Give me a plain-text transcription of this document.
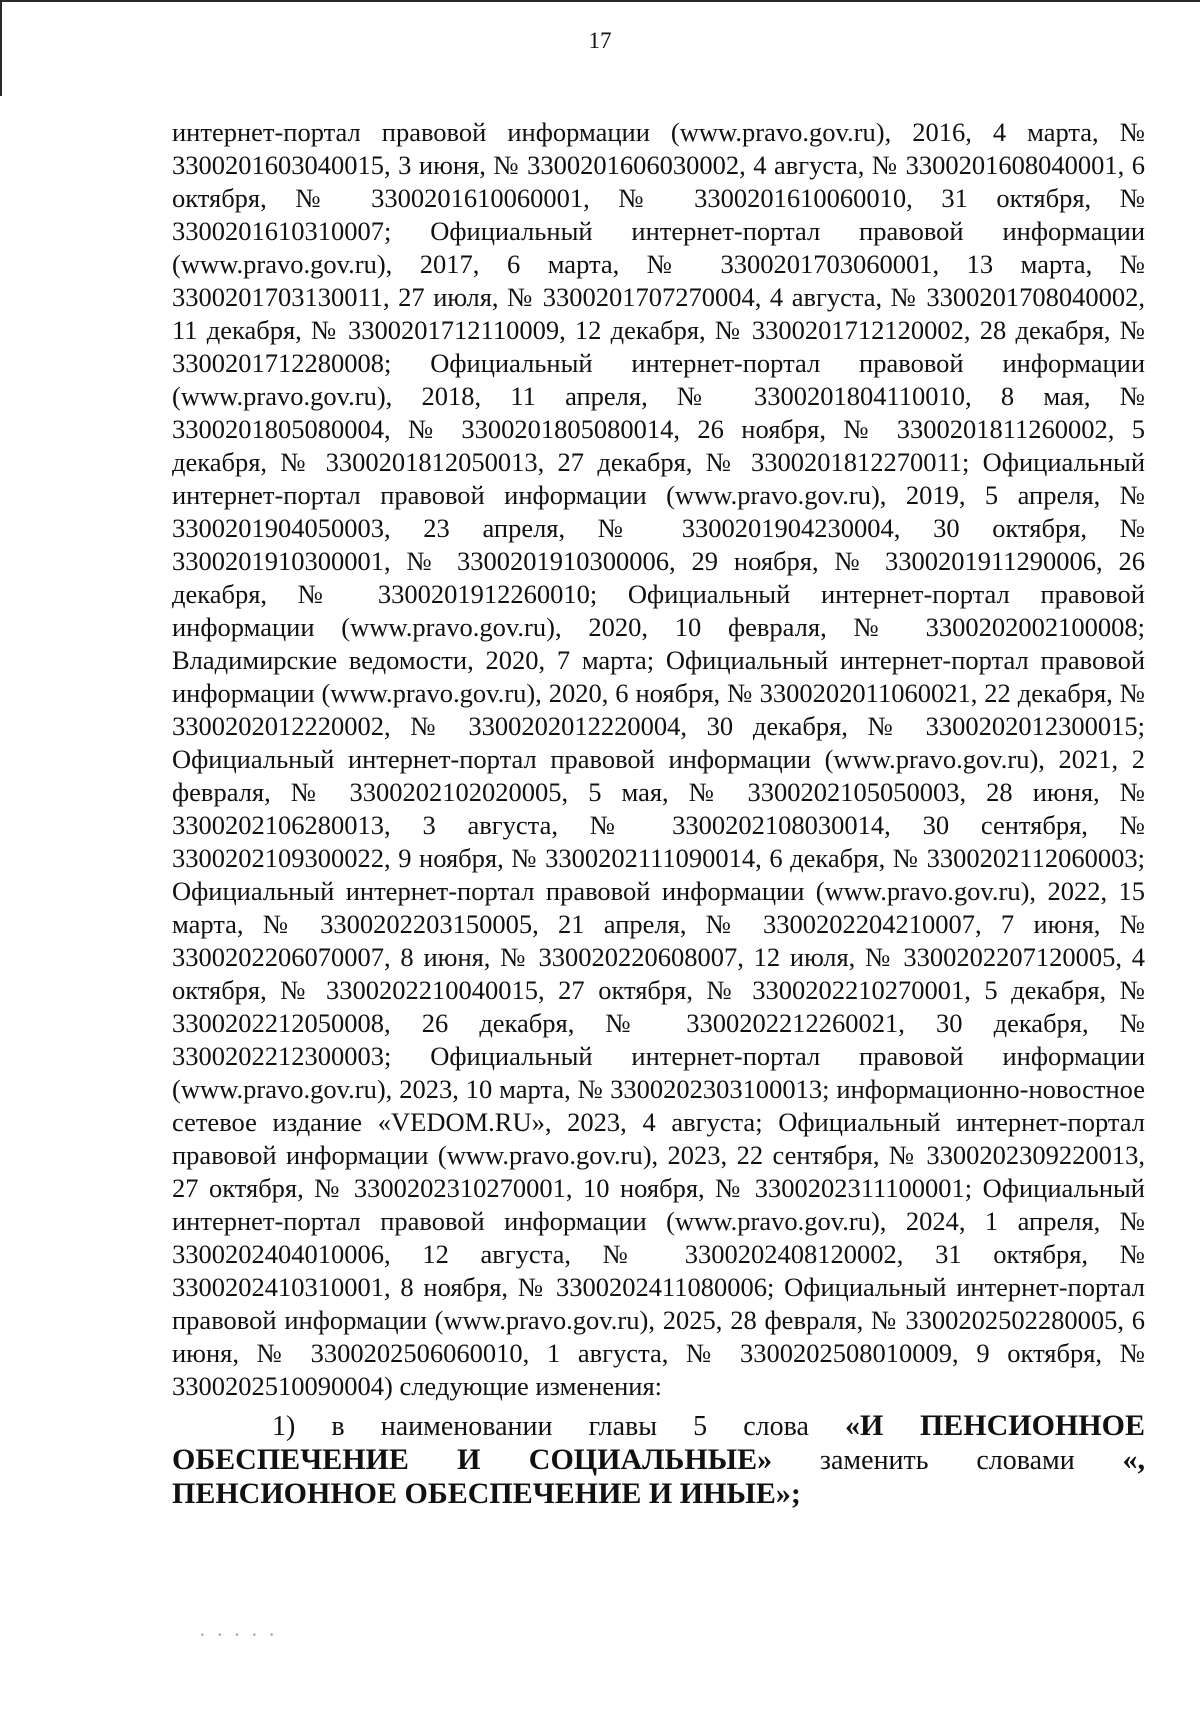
17

интернет-портал правовой информации (www.pravo.gov.ru), 2016, 4 марта, № 3300201603040015, 3 июня, № 3300201606030002, 4 августа, № 3300201608040001, 6 октября, № 3300201610060001, № 3300201610060010, 31 октября, № 3300201610310007; Официальный интернет-портал правовой информации (www.pravo.gov.ru), 2017, 6 марта, № 3300201703060001, 13 марта, № 3300201703130011, 27 июля, № 3300201707270004, 4 августа, № 3300201708040002, 11 декабря, № 3300201712110009, 12 декабря, № 3300201712120002, 28 декабря, № 3300201712280008; Официальный интернет-портал правовой информации (www.pravo.gov.ru), 2018, 11 апреля, № 3300201804110010, 8 мая, № 3300201805080004, № 3300201805080014, 26 ноября, № 3300201811260002, 5 декабря, № 3300201812050013, 27 декабря, № 3300201812270011; Официальный интернет-портал правовой информации (www.pravo.gov.ru), 2019, 5 апреля, № 3300201904050003, 23 апреля, № 3300201904230004, 30 октября, № 3300201910300001, № 3300201910300006, 29 ноября, № 3300201911290006, 26 декабря, № 3300201912260010; Официальный интернет-портал правовой информации (www.pravo.gov.ru), 2020, 10 февраля, № 3300202002100008; Владимирские ведомости, 2020, 7 марта; Официальный интернет-портал правовой информации (www.pravo.gov.ru), 2020, 6 ноября, № 3300202011060021, 22 декабря, № 3300202012220002, № 3300202012220004, 30 декабря, № 3300202012300015; Официальный интернет-портал правовой информации (www.pravo.gov.ru), 2021, 2 февраля, № 3300202102020005, 5 мая, № 3300202105050003, 28 июня, № 3300202106280013, 3 августа, № 3300202108030014, 30 сентября, № 3300202109300022, 9 ноября, № 3300202111090014, 6 декабря, № 3300202112060003; Официальный интернет-портал правовой информации (www.pravo.gov.ru), 2022, 15 марта, № 3300202203150005, 21 апреля, № 3300202204210007, 7 июня, № 3300202206070007, 8 июня, № 330020220608007, 12 июля, № 3300202207120005, 4 октября, № 3300202210040015, 27 октября, № 3300202210270001, 5 декабря, № 3300202212050008, 26 декабря, № 3300202212260021, 30 декабря, № 3300202212300003; Официальный интернет-портал правовой информации (www.pravo.gov.ru), 2023, 10 марта, № 3300202303100013; информационно-новостное сетевое издание «VEDOM.RU», 2023, 4 августа; Официальный интернет-портал правовой информации (www.pravo.gov.ru), 2023, 22 сентября, № 3300202309220013, 27 октября, № 3300202310270001, 10 ноября, № 3300202311100001; Официальный интернет-портал правовой информации (www.pravo.gov.ru), 2024, 1 апреля, № 3300202404010006, 12 августа, № 3300202408120002, 31 октября, № 3300202410310001, 8 ноября, № 3300202411080006; Официальный интернет-портал правовой информации (www.pravo.gov.ru), 2025, 28 февраля, № 3300202502280005, 6 июня, № 3300202506060010, 1 августа, № 3300202508010009, 9 октября, № 3300202510090004) следующие изменения:

1) в наименовании главы 5 слова «И ПЕНСИОННОЕ ОБЕСПЕЧЕНИЕ И СОЦИАЛЬНЫЕ» заменить словами «, ПЕНСИОННОЕ ОБЕСПЕЧЕНИЕ И ИНЫЕ»;

⸳ ⸳ ⸳ ⸳ ⸳
